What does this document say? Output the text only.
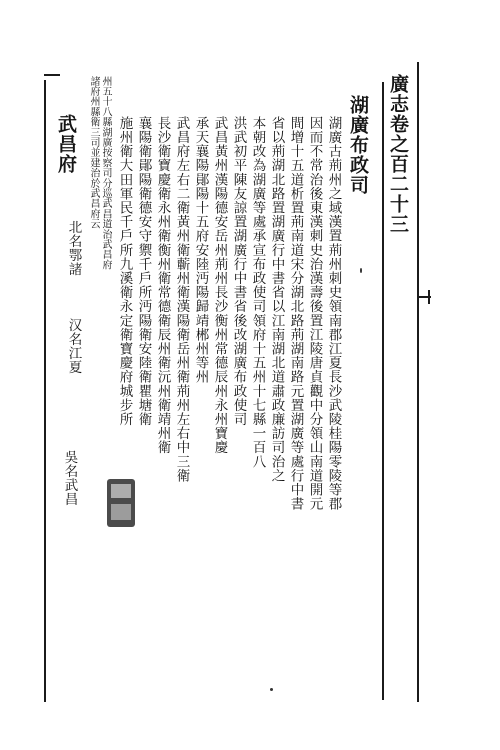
廣志卷之百二十三
湖廣布政司
湖廣古荊州之域漢置荊州刺史領南郡江夏長沙武陵桂陽零陵等郡
因而不常治後東漢刺史治漢壽後置江陵唐貞觀中分領山南道開元
間增十五道析置荊南道宋分湖北路荊湖南路元置湖廣等處行中書
省以荊湖北路置湖廣行中書省以江南湖北道肅政廉訪司治之
本朝改為湖廣等處承宣布政使司領府十五州十七縣一百八
洪武初平陳友諒置湖廣行中書省後改湖廣布政使司
武昌黃州漢陽德安岳州荊州長沙衡州常德辰州永州寶慶
承天襄陽鄖陽十五府安陸沔陽歸靖郴州等州
武昌府左右二衛黃州衛蘄州衛漢陽衛岳州衛荊州左右中三衛
長沙衛寶慶衛永州衛衡州衛常德衛辰州衛沅州衛靖州衛
襄陽衛鄖陽衛德安守禦千戶所沔陽衛安陸衛瞿塘衛
施州衛大田軍民千戶所九溪衛永定衛寶慶府城步所
州五十八縣湖廣按察司分巡武昌道治武昌府
諸府州縣衛三司並建治於武昌府云
武昌府
北名鄂諸
汉名江夏
吳名武昌
